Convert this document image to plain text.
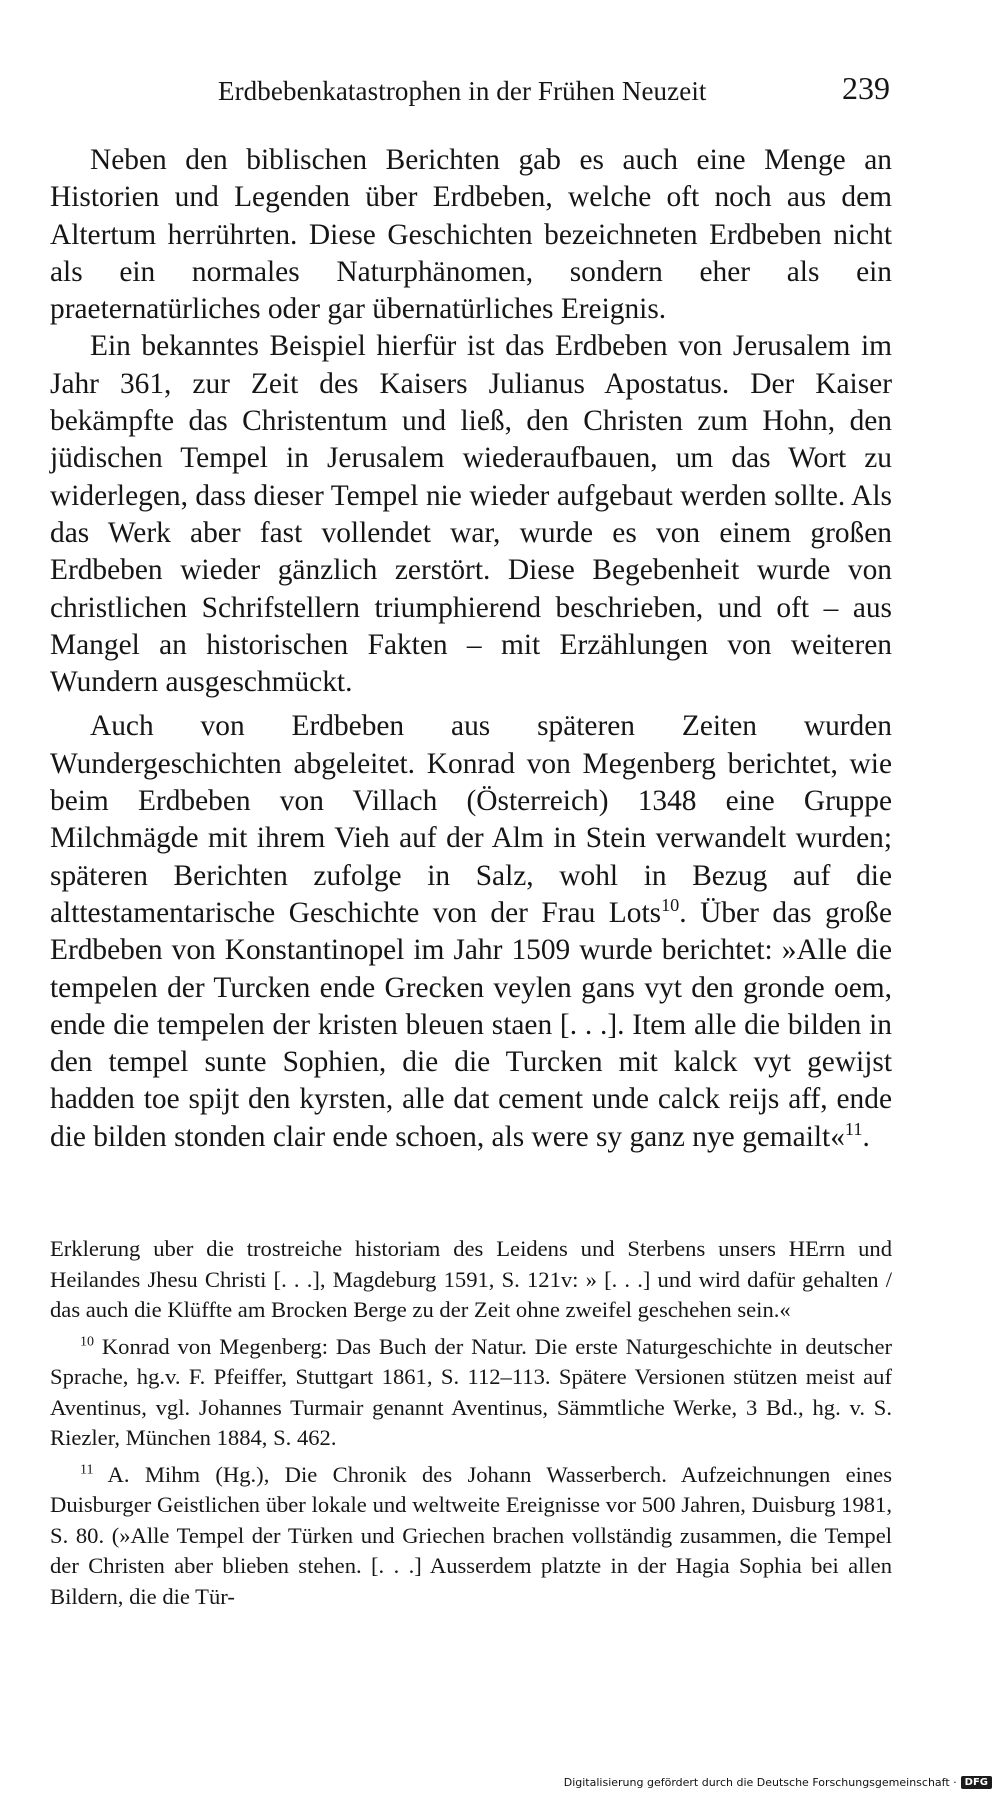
Erdbebenkatastrophen in der Frühen Neuzeit	239

Neben den biblischen Berichten gab es auch eine Menge an Historien und Legenden über Erdbeben, welche oft noch aus dem Altertum herrührten. Diese Geschichten bezeichneten Erdbeben nicht als ein normales Naturphänomen, sondern eher als ein praeternatürliches oder gar übernatürliches Ereignis.

Ein bekanntes Beispiel hierfür ist das Erdbeben von Jerusalem im Jahr 361, zur Zeit des Kaisers Julianus Apostatus. Der Kaiser bekämpfte das Christentum und ließ, den Christen zum Hohn, den jüdischen Tempel in Jerusalem wiederaufbauen, um das Wort zu widerlegen, dass dieser Tempel nie wieder aufgebaut werden sollte. Als das Werk aber fast vollendet war, wurde es von einem großen Erdbeben wieder gänzlich zerstört. Diese Begebenheit wurde von christlichen Schrifstellern triumphierend beschrieben, und oft – aus Mangel an historischen Fakten – mit Erzählungen von weiteren Wundern ausgeschmückt.

Auch von Erdbeben aus späteren Zeiten wurden Wundergeschichten abgeleitet. Konrad von Megenberg berichtet, wie beim Erdbeben von Villach (Österreich) 1348 eine Gruppe Milchmägde mit ihrem Vieh auf der Alm in Stein verwandelt wurden; späteren Berichten zufolge in Salz, wohl in Bezug auf die alttestamentarische Geschichte von der Frau Lots$^{10}$. Über das große Erdbeben von Konstantinopel im Jahr 1509 wurde berichtet: »Alle die tempelen der Turcken ende Grecken veylen gans vyt den gronde oem, ende die tempelen der kristen bleuen staen [. . .]. Item alle die bilden in den tempel sunte Sophien, die die Turcken mit kalck vyt gewijst hadden toe spijt den kyrsten, alle dat cement unde calck reijs aff, ende die bilden stonden clair ende schoen, als were sy ganz nye gemailt«$^{11}$.

Erklerung uber die trostreiche historiam des Leidens und Sterbens unsers HErrn und Heilandes Jhesu Christi [. . .], Magdeburg 1591, S. 121v: » [. . .] und wird dafür gehalten / das auch die Klüffte am Brocken Berge zu der Zeit ohne zweifel geschehen sein.«

$^{10}$ Konrad von Megenberg: Das Buch der Natur. Die erste Naturgeschichte in deutscher Sprache, hg.v. F. Pfeiffer, Stuttgart 1861, S. 112–113. Spätere Versionen stützen meist auf Aventinus, vgl. Johannes Turmair genannt Aventinus, Sämmtliche Werke, 3 Bd., hg. v. S. Riezler, München 1884, S. 462.

$^{11}$ A. Mihm (Hg.), Die Chronik des Johann Wasserberch. Aufzeichnungen eines Duisburger Geistlichen über lokale und weltweite Ereignisse vor 500 Jahren, Duisburg 1981, S. 80. (»Alle Tempel der Türken und Griechen brachen vollständig zusammen, die Tempel der Christen aber blieben stehen. [. . .] Ausserdem platzte in der Hagia Sophia bei allen Bildern, die die Tür-

Digitalisierung gefördert durch die Deutsche Forschungsgemeinschaft · DFG
